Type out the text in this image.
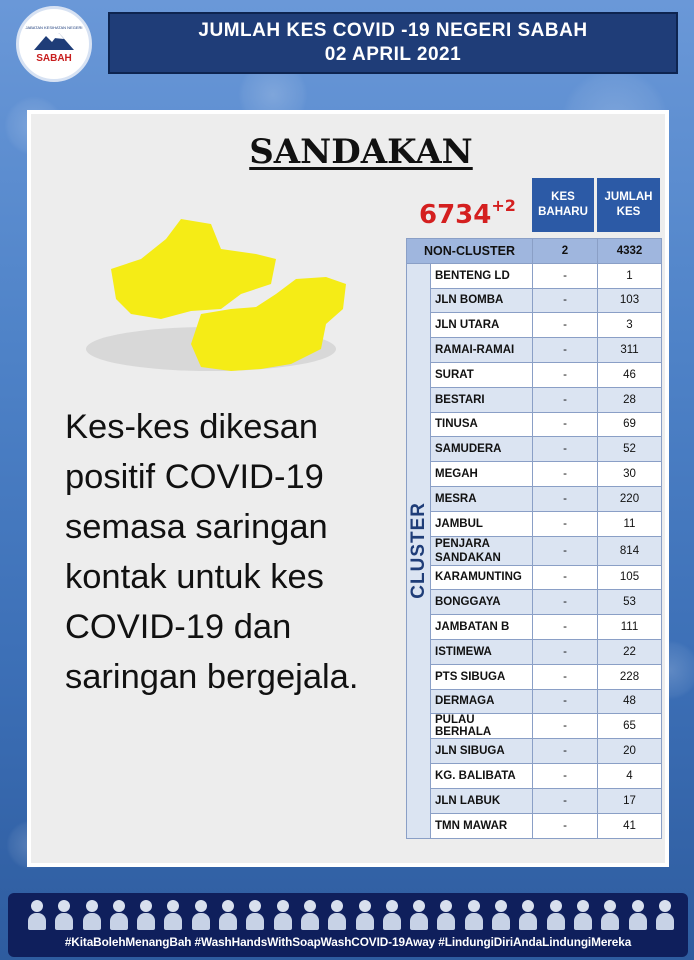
JABATAN KESIHATAN NEGERI
SABAH
JUMLAH KES COVID -19 NEGERI SABAH
02 APRIL 2021
SANDAKAN
Kes-kes dikesan positif COVID-19 semasa saringan kontak untuk kes COVID-19 dan saringan bergejala.
$6734^{+2}$	KES BAHARU
JUMLAH KES
NON-CLUSTER		2	4332

CLUSTER	BENTENG LD	-	1
	JLN BOMBA	-	103
	JLN UTARA	-	3
	RAMAI-RAMAI	-	311
	SURAT	-	46
	BESTARI	-	28
	TINUSA	-	69
	SAMUDERA	-	52
	MEGAH	-	30
	MESRA	-	220
	JAMBUL	-	11
	PENJARA SANDAKAN	-	814
	KARAMUNTING	-	105
	BONGGAYA	-	53
	JAMBATAN B	-	111
	ISTIMEWA	-	22
	PTS SIBUGA	-	228
	DERMAGA	-	48
	PULAU BERHALA	-	65
	JLN SIBUGA	-	20
	KG. BALIBATA	-	4
	JLN LABUK	-	17
	TMN MAWAR	-	41
#KitaBolehMenangBah #WashHandsWithSoapWashCOVID-19Away #LindungiDiriAndaLindungiMereka
